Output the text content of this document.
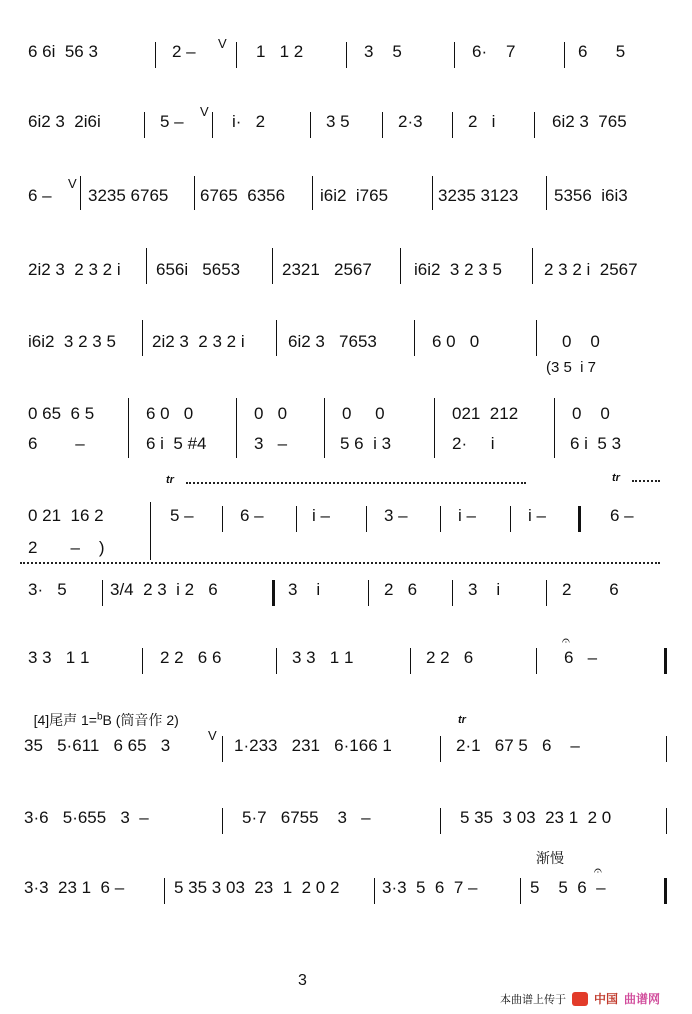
6 6i  56 3	2 – V 1   1 2	3    5	6·    7	6      5
6i2 3  2i6i	5 –
V
i·   2	3 5	2·3	2   i	6i2 3  765
6 –
V
3235 6765 6765  6356 i6i2  i765	3235 3123 5356  i6i3
2i2 3  2 3 2 i 656i   5653 2321   2567 i6i2  3 2 3 5 2 3 2 i  2567
i6i2  3 2 3 5 2i2 3  2 3 2 i	6i2 3   7653	6 0   0	0    0
(3 5  i 7
0 65  6 5	6 0   0	0   0	0     0	021  212	0    0
6        –	6 i  5 #4	3   –	5 6  i 3	2·     i	6 i  5 3
tr	tr
0 21  16 2	5 –	6 –	i –	3 –	i –	i –	6 –
2       –    )
3·   5	3/4  2 3  i 2   6	3    i	2   6	3    i	2        6
3 3   1 1	2 2   6 6	3 3   1 1	2 2   6
𝄐
6   –

[4]尾声 1=$^b$B (筒音作 2)

35   5·611   6 65   3
V
1·233   231   6·166 1
tr
2·1   67 5   6    –
3·6   5·655   3  –	5·7   6755    3   –	5 35  3 03  23 1  2 0
渐慢
3·3  23 1  6 –	5 35 3 03  23  1  2 0 2	3·3  5  6  7 –
𝄐
5    5  6  –
3
本曲谱上传于 中国 曲谱网
